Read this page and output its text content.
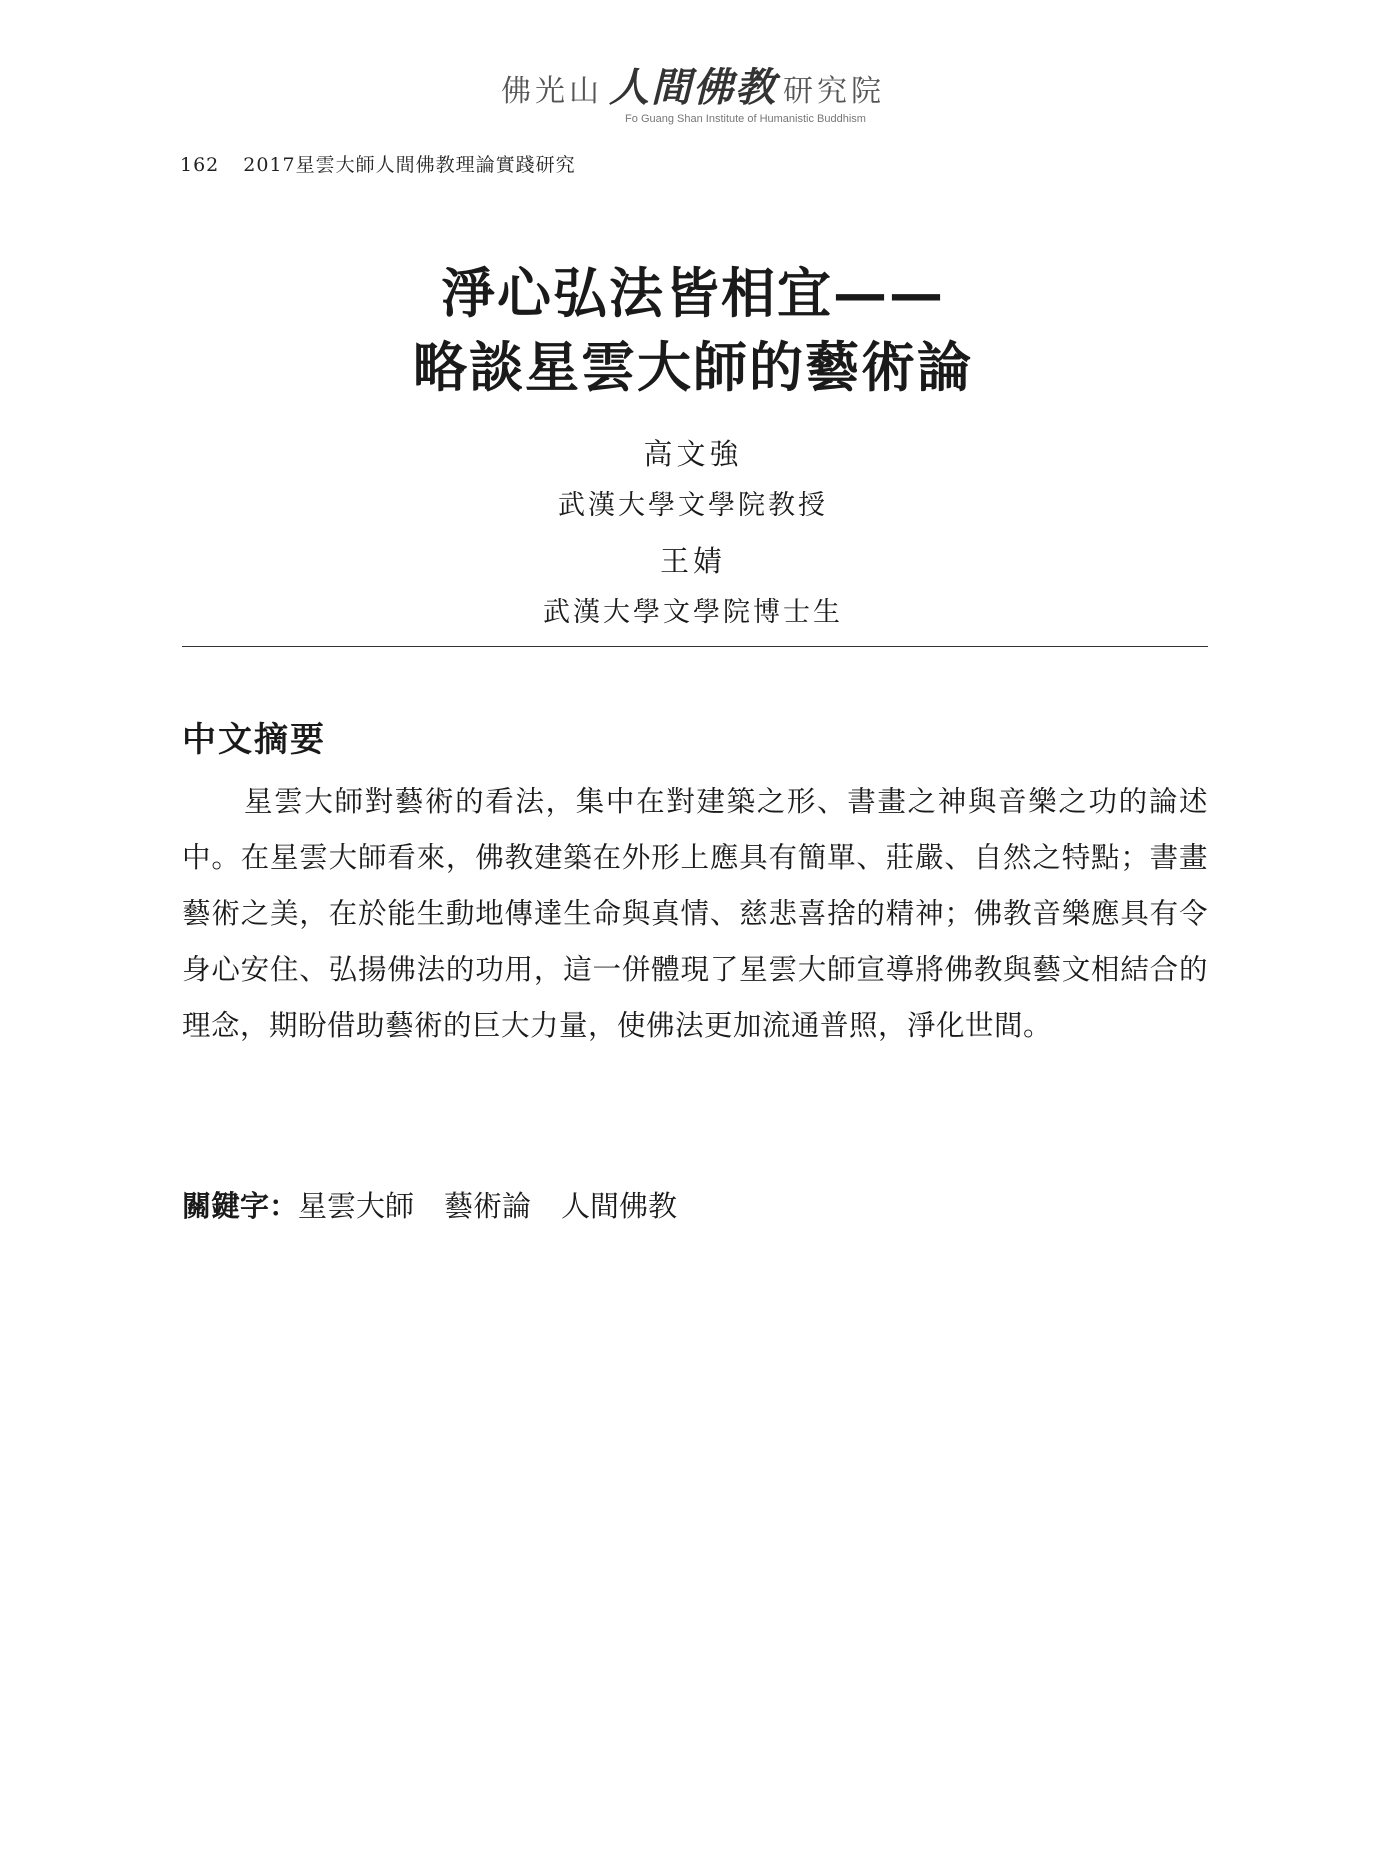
佛光山 人間佛教 研究院
Fo Guang Shan Institute of Humanistic Buddhism
162 2017星雲大師人間佛教理論實踐研究
淨心弘法皆相宜——
略談星雲大師的藝術論
高文強
武漢大學文學院教授
王婧
武漢大學文學院博士生
中文摘要
星雲大師對藝術的看法，集中在對建築之形、書畫之神與音樂之功的論述中。在星雲大師看來，佛教建築在外形上應具有簡單、莊嚴、自然之特點；書畫藝術之美，在於能生動地傳達生命與真情、慈悲喜捨的精神；佛教音樂應具有令身心安住、弘揚佛法的功用，這一併體現了星雲大師宣導將佛教與藝文相結合的理念，期盼借助藝術的巨大力量，使佛法更加流通普照，淨化世間。
關鍵字：星雲大師 藝術論 人間佛教
